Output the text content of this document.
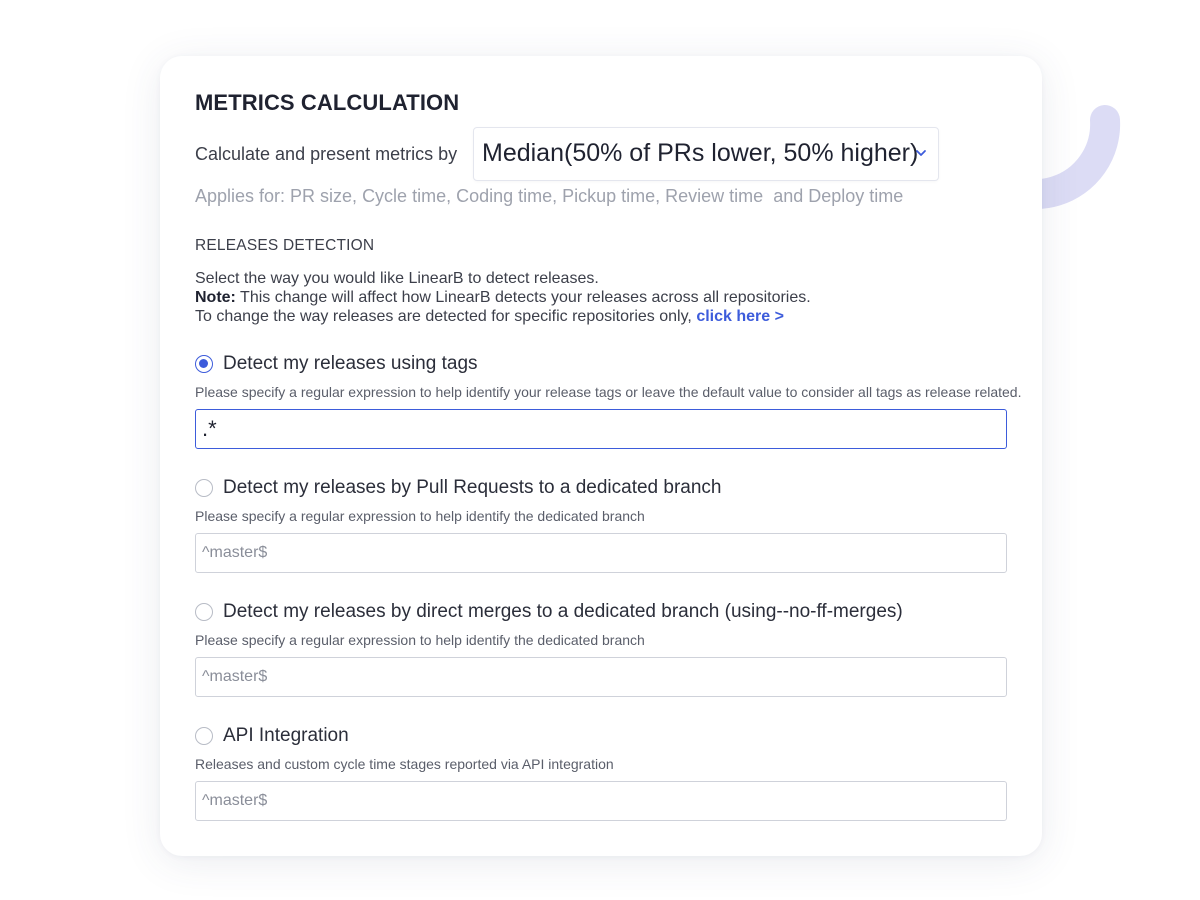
METRICS CALCULATION
Calculate and present metrics by Median(50% of PRs lower, 50% higher)
Applies for: PR size, Cycle time, Coding time, Pickup time, Review time  and Deploy time
RELEASES DETECTION
Select the way you would like LinearB to detect releases.
Note: This change will affect how LinearB detects your releases across all repositories.
To change the way releases are detected for specific repositories only, click here >
Detect my releases using tags
Please specify a regular expression to help identify your release tags or leave the default value to consider all tags as release related.
.*
Detect my releases by Pull Requests to a dedicated branch
Please specify a regular expression to help identify the dedicated branch
^master$
Detect my releases by direct merges to a dedicated branch (using--no-ff-merges)
Please specify a regular expression to help identify the dedicated branch
^master$
API Integration
Releases and custom cycle time stages reported via API integration
^master$
